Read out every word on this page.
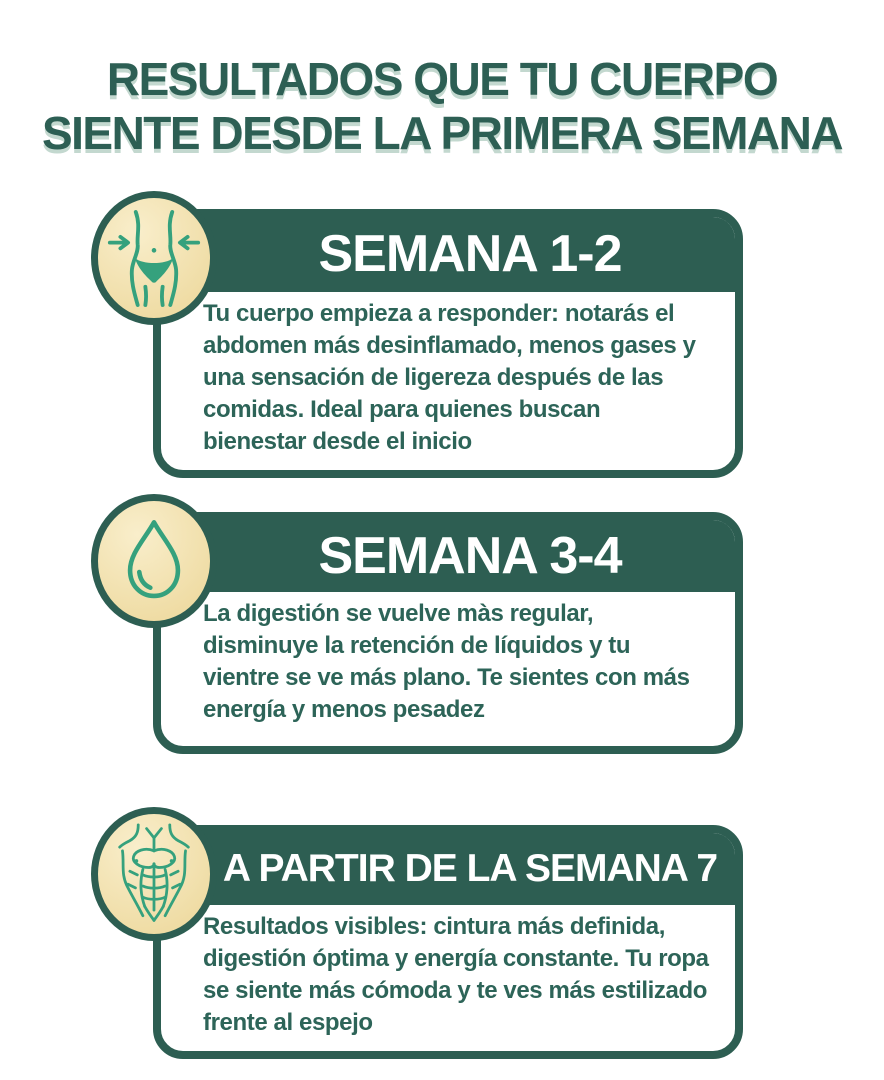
RESULTADOS QUE TU CUERPO
SIENTE DESDE LA PRIMERA SEMANA
SEMANA 1-2

Tu cuerpo empieza a responder: notarás el abdomen más desinflamado, menos gases y una sensación de ligereza después de las comidas. Ideal para quienes buscan bienestar desde el inicio

SEMANA 3-4

La digestión se vuelve màs regular, disminuye la retención de líquidos y tu vientre se ve más plano. Te sientes con más energía y menos pesadez

A PARTIR DE LA SEMANA 7

Resultados visibles: cintura más definida, digestión óptima y energía constante. Tu ropa se siente más cómoda y te ves más estilizado frente al espejo
